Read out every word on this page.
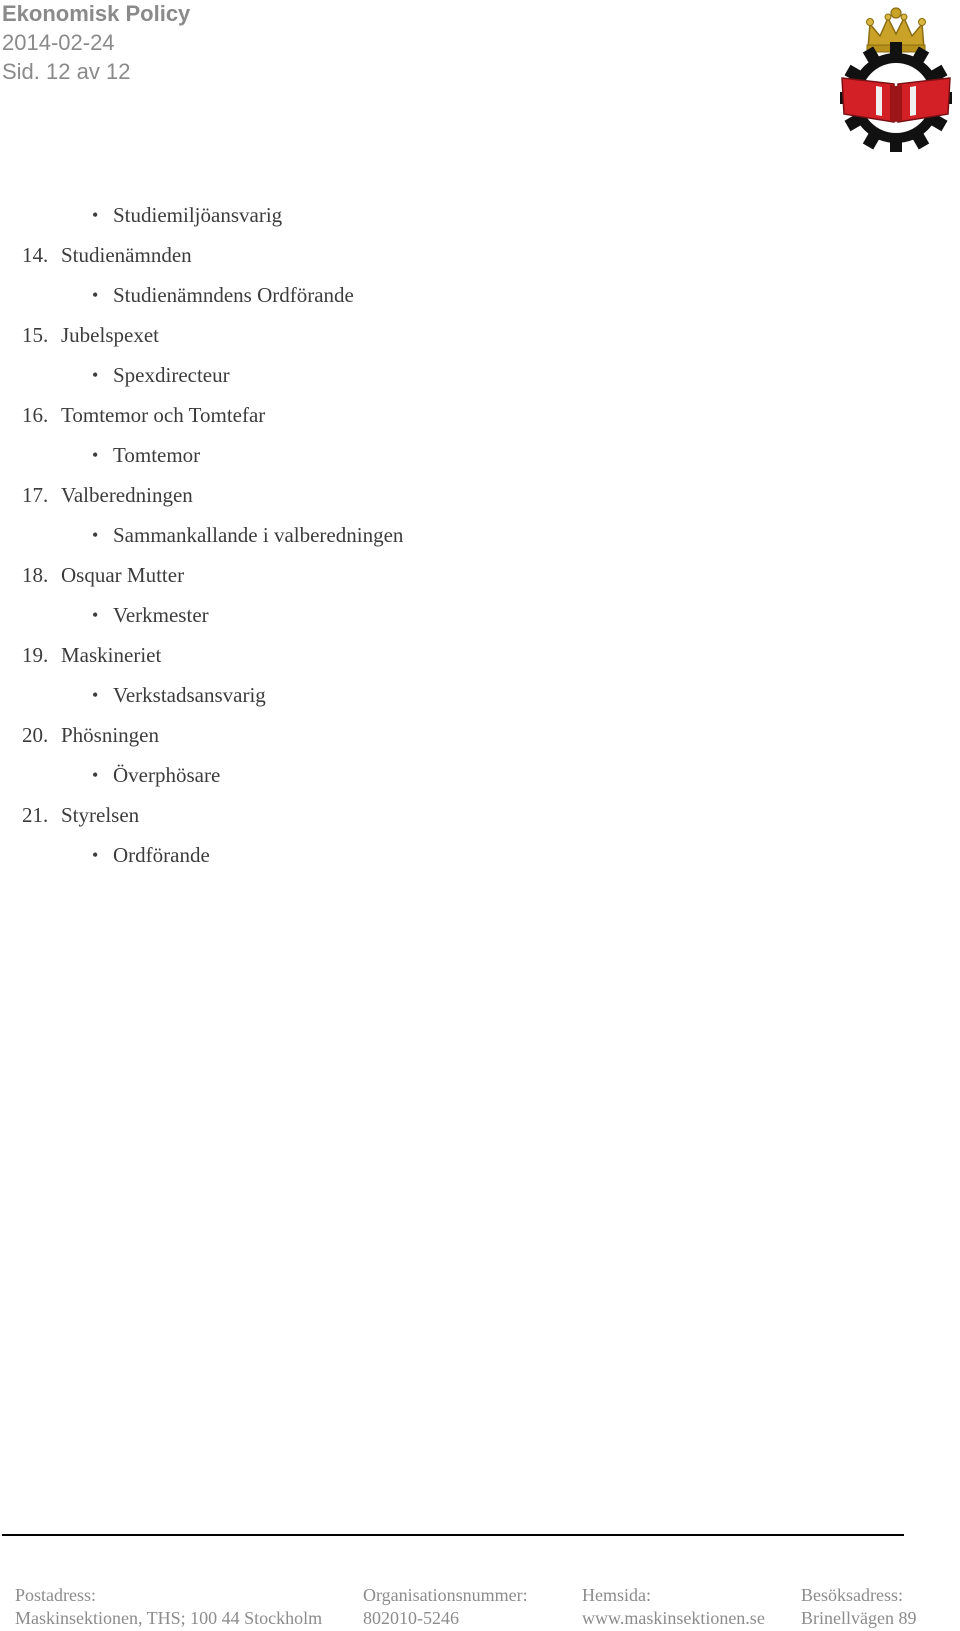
Ekonomisk Policy
2014-02-24
Sid. 12 av 12
• Studiemiljöansvarig
14. Studienämnden
• Studienämndens Ordförande
15. Jubelspexet
• Spexdirecteur
16. Tomtemor och Tomtefar
• Tomtemor
17. Valberedningen
• Sammankallande i valberedningen
18. Osquar Mutter
• Verkmester
19. Maskineriet
• Verkstadsansvarig
20. Phösningen
• Överphösare
21. Styrelsen
• Ordförande
Postadress:
Maskinsektionen, THS; 100 44 Stockholm
Organisationsnummer:
802010-5246
Hemsida:
www.maskinsektionen.se
Besöksadress:
Brinellvägen 89
